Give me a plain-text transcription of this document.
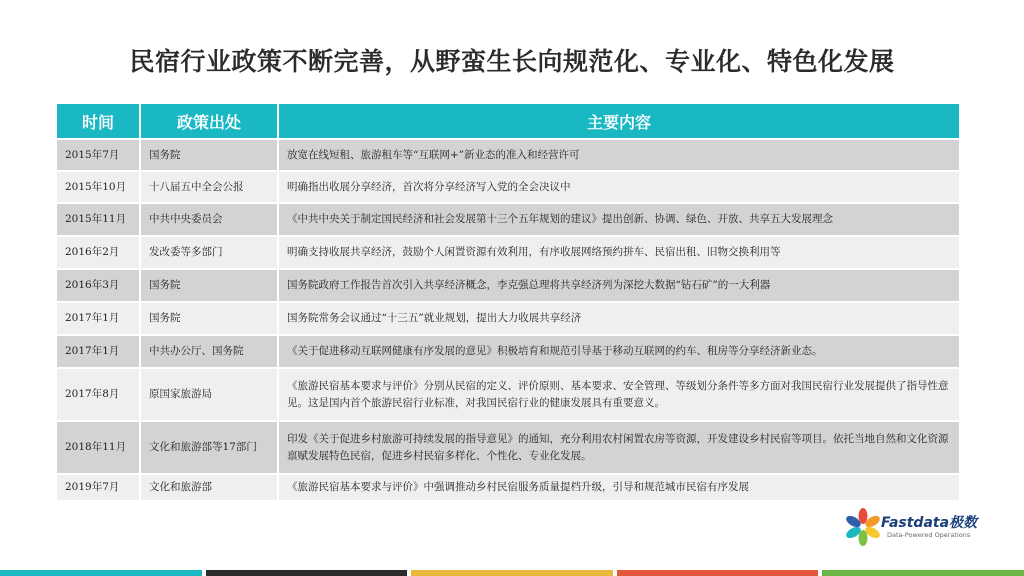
民宿行业政策不断完善，从野蛮生长向规范化、专业化、特色化发展
时间	政策出处	主要内容
2015年7月	国务院	放宽在线短租、旅游租车等“互联网+”新业态的准入和经营许可
2015年10月	十八届五中全会公报	明确指出收展分享经济，首次将分享经济写入党的全会决议中
2015年11月	中共中央委员会	《中共中央关于制定国民经济和社会发展第十三个五年规划的建议》提出创新、协调、绿色、开放、共享五大发展理念
2016年2月	发改委等多部门	明确支持收展共享经济，鼓励个人闲置资源有效利用，有序收展网络预约拼车、民宿出租、旧物交换利用等
2016年3月	国务院	国务院政府工作报告首次引入共享经济概念，李克强总理将共享经济列为深挖大数据“钻石矿”的一大利器
2017年1月	国务院	国务院常务会议通过“十三五”就业规划，提出大力收展共享经济
2017年1月	中共办公厅、国务院	《关于促进移动互联网健康有序发展的意见》积极培育和规范引导基于移动互联网的约车、租房等分享经济新业态。
2017年8月	原国家旅游局	《旅游民宿基本要求与评价》分别从民宿的定义、评价原则、基本要求、安全管理、等级划分条件等多方面对我国民宿行业发展提供了指导性意见。这是国内首个旅游民宿行业标准，对我国民宿行业的健康发展具有重要意义。
2018年11月	文化和旅游部等17部门	印发《关于促进乡村旅游可持续发展的指导意见》的通知，充分利用农村闲置农房等资源，开发建设乡村民宿等项目。依托当地自然和文化资源禀赋发展特色民宿，促进乡村民宿多样化、个性化、专业化发展。
2019年7月	文化和旅游部	《旅游民宿基本要求与评价》中强调推动乡村民宿服务质量提档升级，引导和规范城市民宿有序发展
Fastdata极数
Data-Powered Operations
